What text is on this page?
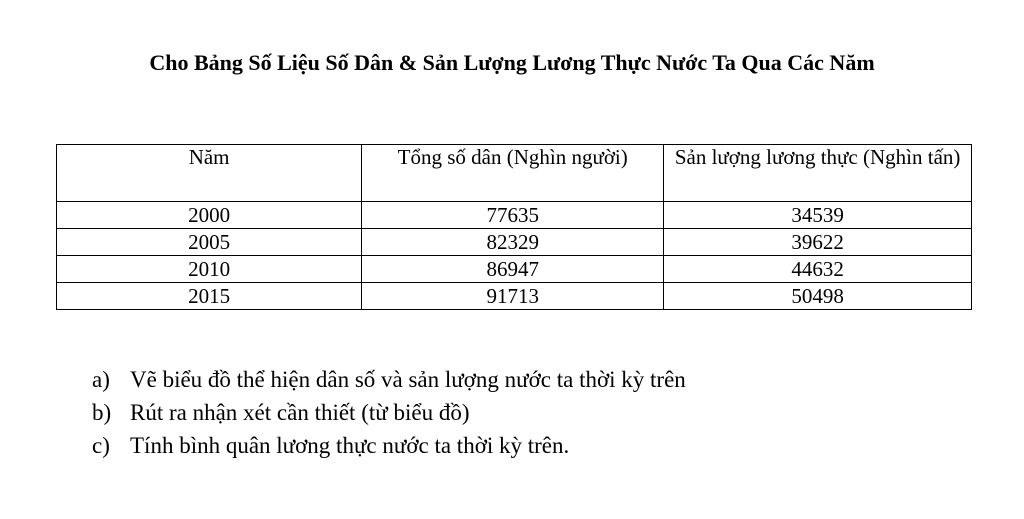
Cho Bảng Số Liệu Số Dân & Sản Lượng Lương Thực Nước Ta Qua Các Năm
Năm	Tổng số dân (Nghìn người)	Sản lượng lương thực (Nghìn tấn)
2000	77635	34539
2005	82329	39622
2010	86947	44632
2015	91713	50498
a) Vẽ biểu đồ thể hiện dân số và sản lượng nước ta thời kỳ trên
b) Rút ra nhận xét cần thiết (từ biểu đồ)
c) Tính bình quân lương thực nước ta thời kỳ trên.
